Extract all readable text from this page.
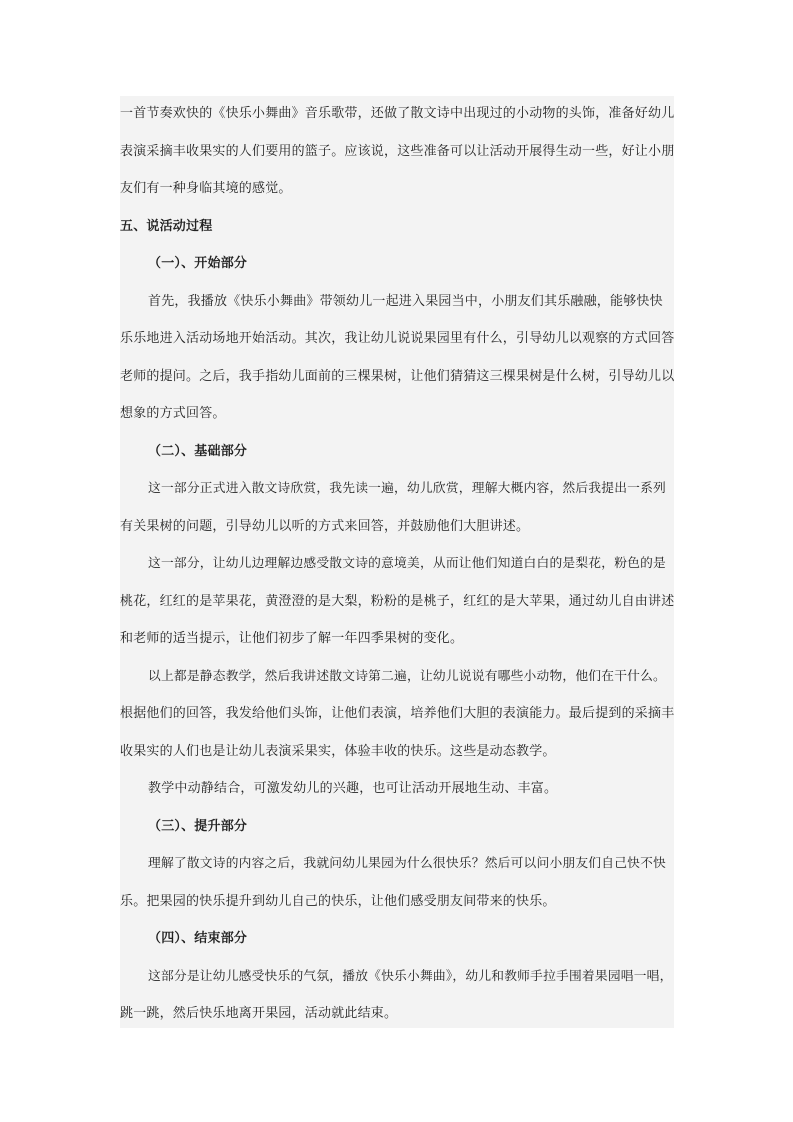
一首节奏欢快的《快乐小舞曲》音乐歌带，还做了散文诗中出现过的小动物的头饰，准备好幼儿
表演采摘丰收果实的人们要用的篮子。应该说，这些准备可以让活动开展得生动一些，好让小朋
友们有一种身临其境的感觉。
五、说活动过程
（一）、开始部分
首先，我播放《快乐小舞曲》带领幼儿一起进入果园当中，小朋友们其乐融融，能够快快
乐乐地进入活动场地开始活动。其次，我让幼儿说说果园里有什么，引导幼儿以观察的方式回答
老师的提问。之后，我手指幼儿面前的三棵果树，让他们猜猜这三棵果树是什么树，引导幼儿以
想象的方式回答。
（二）、基础部分
这一部分正式进入散文诗欣赏，我先读一遍，幼儿欣赏，理解大概内容，然后我提出一系列
有关果树的问题，引导幼儿以听的方式来回答，并鼓励他们大胆讲述。
这一部分，让幼儿边理解边感受散文诗的意境美，从而让他们知道白白的是梨花，粉色的是
桃花，红红的是苹果花，黄澄澄的是大梨，粉粉的是桃子，红红的是大苹果，通过幼儿自由讲述
和老师的适当提示，让他们初步了解一年四季果树的变化。
以上都是静态教学，然后我讲述散文诗第二遍，让幼儿说说有哪些小动物，他们在干什么。
根据他们的回答，我发给他们头饰，让他们表演，培养他们大胆的表演能力。最后提到的采摘丰
收果实的人们也是让幼儿表演采果实，体验丰收的快乐。这些是动态教学。
教学中动静结合，可激发幼儿的兴趣，也可让活动开展地生动、丰富。
（三）、提升部分
理解了散文诗的内容之后，我就问幼儿果园为什么很快乐？然后可以问小朋友们自己快不快
乐。把果园的快乐提升到幼儿自己的快乐，让他们感受朋友间带来的快乐。
（四）、结束部分
这部分是让幼儿感受快乐的气氛，播放《快乐小舞曲》，幼儿和教师手拉手围着果园唱一唱，
跳一跳，然后快乐地离开果园，活动就此结束。
